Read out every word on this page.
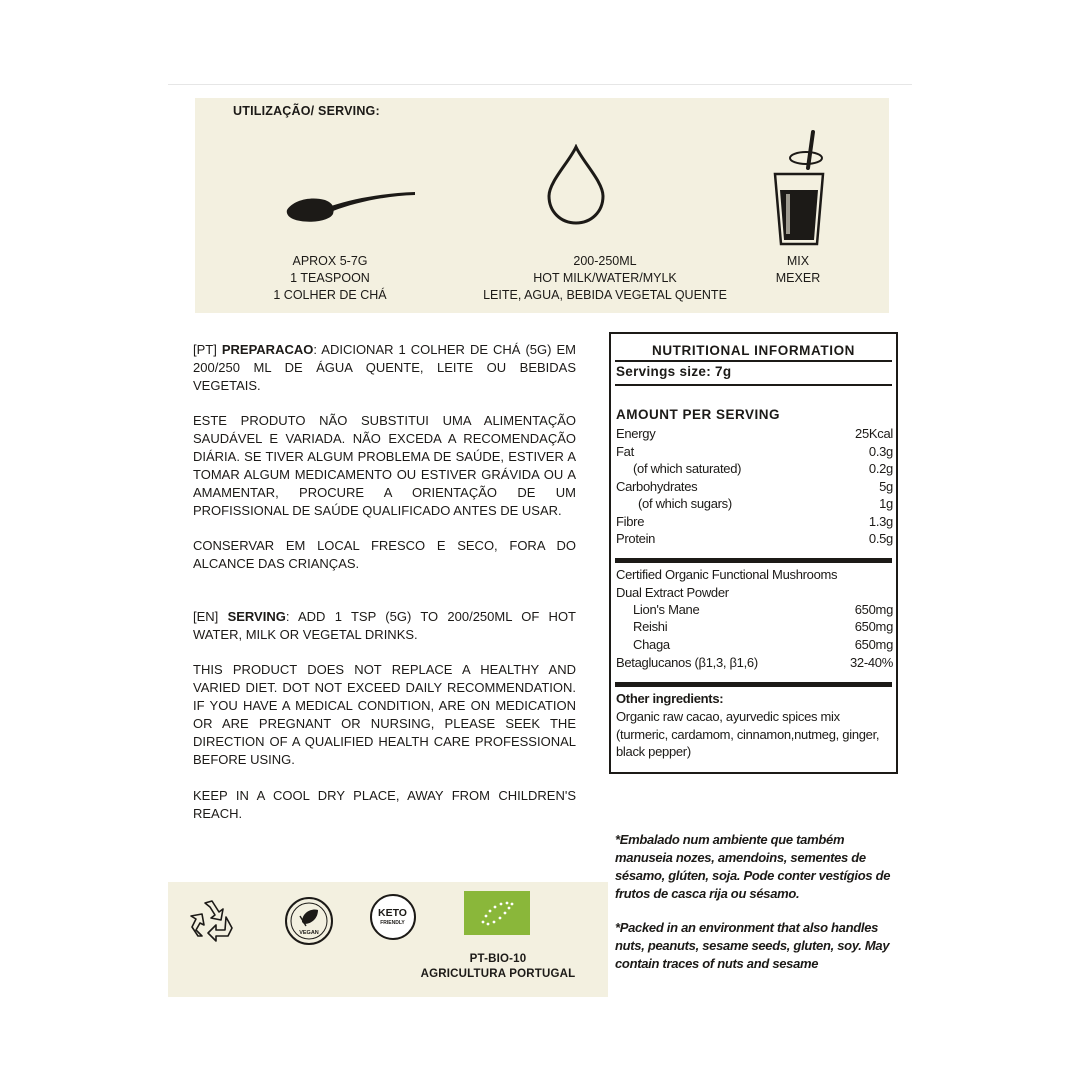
UTILIZAÇÃO/ SERVING:
APROX 5-7G
1 TEASPOON
1 COLHER DE CHÁ
200-250ML
HOT MILK/WATER/MYLK
LEITE, AGUA, BEBIDA VEGETAL QUENTE
MIX
MEXER

[PT] PREPARACAO: ADICIONAR 1 COLHER DE CHÁ (5G) EM 200/250 ML DE ÁGUA QUENTE, LEITE OU BEBIDAS VEGETAIS.

ESTE PRODUTO NÃO SUBSTITUI UMA ALIMENTAÇÃO SAUDÁVEL E VARIADA. NÃO EXCEDA A RECOMENDAÇÃO DIÁRIA. SE TIVER ALGUM PROBLEMA DE SAÚDE, ESTIVER A TOMAR ALGUM MEDICAMENTO OU ESTIVER GRÁVIDA OU A AMAMENTAR, PROCURE A ORIENTAÇÃO DE UM PROFISSIONAL DE SAÚDE QUALIFICADO ANTES DE USAR.

CONSERVAR EM LOCAL FRESCO E SECO, FORA DO ALCANCE DAS CRIANÇAS.

[EN] SERVING: ADD 1 TSP (5G) TO 200/250ML OF HOT WATER, MILK OR VEGETAL DRINKS.

THIS PRODUCT DOES NOT REPLACE A HEALTHY AND VARIED DIET. DOT NOT EXCEED DAILY RECOMMENDATION. IF YOU HAVE A MEDICAL CONDITION, ARE ON MEDICATION OR ARE PREGNANT OR NURSING, PLEASE SEEK THE DIRECTION OF A QUALIFIED HEALTH CARE PROFESSIONAL BEFORE USING.

KEEP IN A COOL DRY PLACE, AWAY FROM CHILDREN'S REACH.

NUTRITIONAL INFORMATION
Servings size: 7g
AMOUNT PER SERVING
Energy	25Kcal
Fat	0.3g
(of which saturated)	0.2g
Carbohydrates	5g
(of which sugars)	1g
Fibre	1.3g
Protein	0.5g
Certified Organic Functional Mushrooms
Dual Extract Powder
Lion's Mane	650mg
Reishi	650mg
Chaga	650mg
Betaglucanos (β1,3, β1,6)	32-40%
Other ingredients:
Organic raw cacao, ayurvedic spices mix (turmeric, cardamom, cinnamon,nutmeg, ginger, black pepper)
*Embalado num ambiente que também manuseia nozes, amendoins, sementes de sésamo, glúten, soja. Pode conter vestígios de frutos de casca rija ou sésamo.
*Packed in an environment that also handles nuts, peanuts, sesame seeds, gluten, soy. May contain traces of nuts and sesame
VEGAN
KETO
FRIENDLY
PT-BIO-10
AGRICULTURA PORTUGAL
